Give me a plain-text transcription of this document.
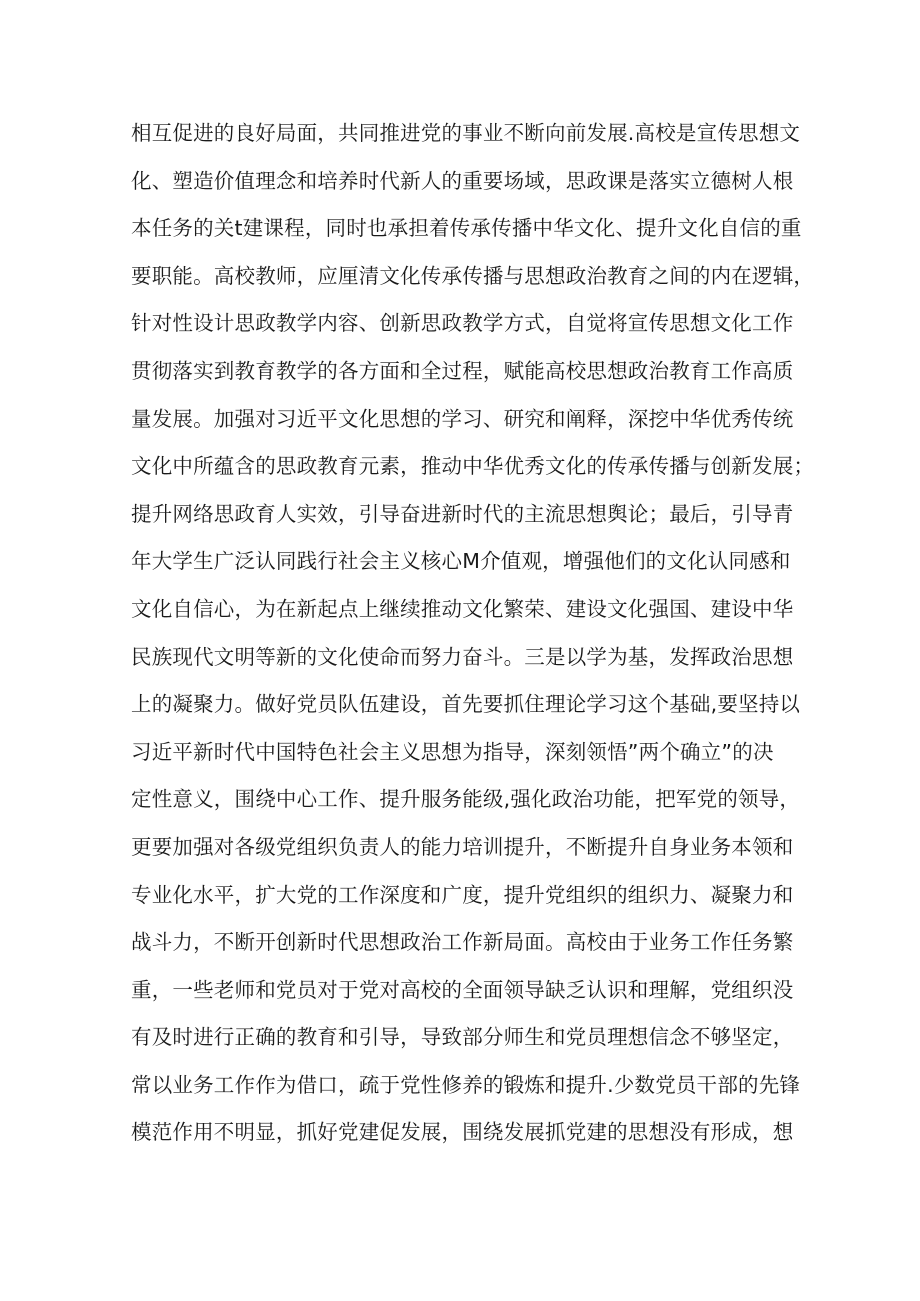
相互促进的良好局面，共同推进党的事业不断向前发展.高校是宣传思想文
化、塑造价值理念和培养时代新人的重要场域，思政课是落实立德树人根
本任务的关t建课程，同时也承担着传承传播中华文化、提升文化自信的重
要职能。高校教师，应厘清文化传承传播与思想政治教育之间的内在逻辑，
针对性设计思政教学内容、创新思政教学方式，自觉将宣传思想文化工作
贯彻落实到教育教学的各方面和全过程，赋能高校思想政治教育工作高质
量发展。加强对习近平文化思想的学习、研究和阐释，深挖中华优秀传统
文化中所蕴含的思政教育元素，推动中华优秀文化的传承传播与创新发展；
提升网络思政育人实效，引导奋进新时代的主流思想舆论；最后，引导青
年大学生广泛认同践行社会主义核心M介值观，增强他们的文化认同感和
文化自信心，为在新起点上继续推动文化繁荣、建设文化强国、建设中华
民族现代文明等新的文化使命而努力奋斗。三是以学为基，发挥政治思想
上的凝聚力。做好党员队伍建设，首先要抓住理论学习这个基础,要坚持以
习近平新时代中国特色社会主义思想为指导，深刻领悟”两个确立”的决
定性意义，围绕中心工作、提升服务能级,强化政治功能，把军党的领导，
更要加强对各级党组织负责人的能力培训提升，不断提升自身业务本领和
专业化水平，扩大党的工作深度和广度，提升党组织的组织力、凝聚力和
战斗力，不断开创新时代思想政治工作新局面。高校由于业务工作任务繁
重，一些老师和党员对于党对高校的全面领导缺乏认识和理解，党组织没
有及时进行正确的教育和引导，导致部分师生和党员理想信念不够坚定，
常以业务工作作为借口，疏于党性修养的锻炼和提升.少数党员干部的先锋
模范作用不明显，抓好党建促发展，围绕发展抓党建的思想没有形成，想
